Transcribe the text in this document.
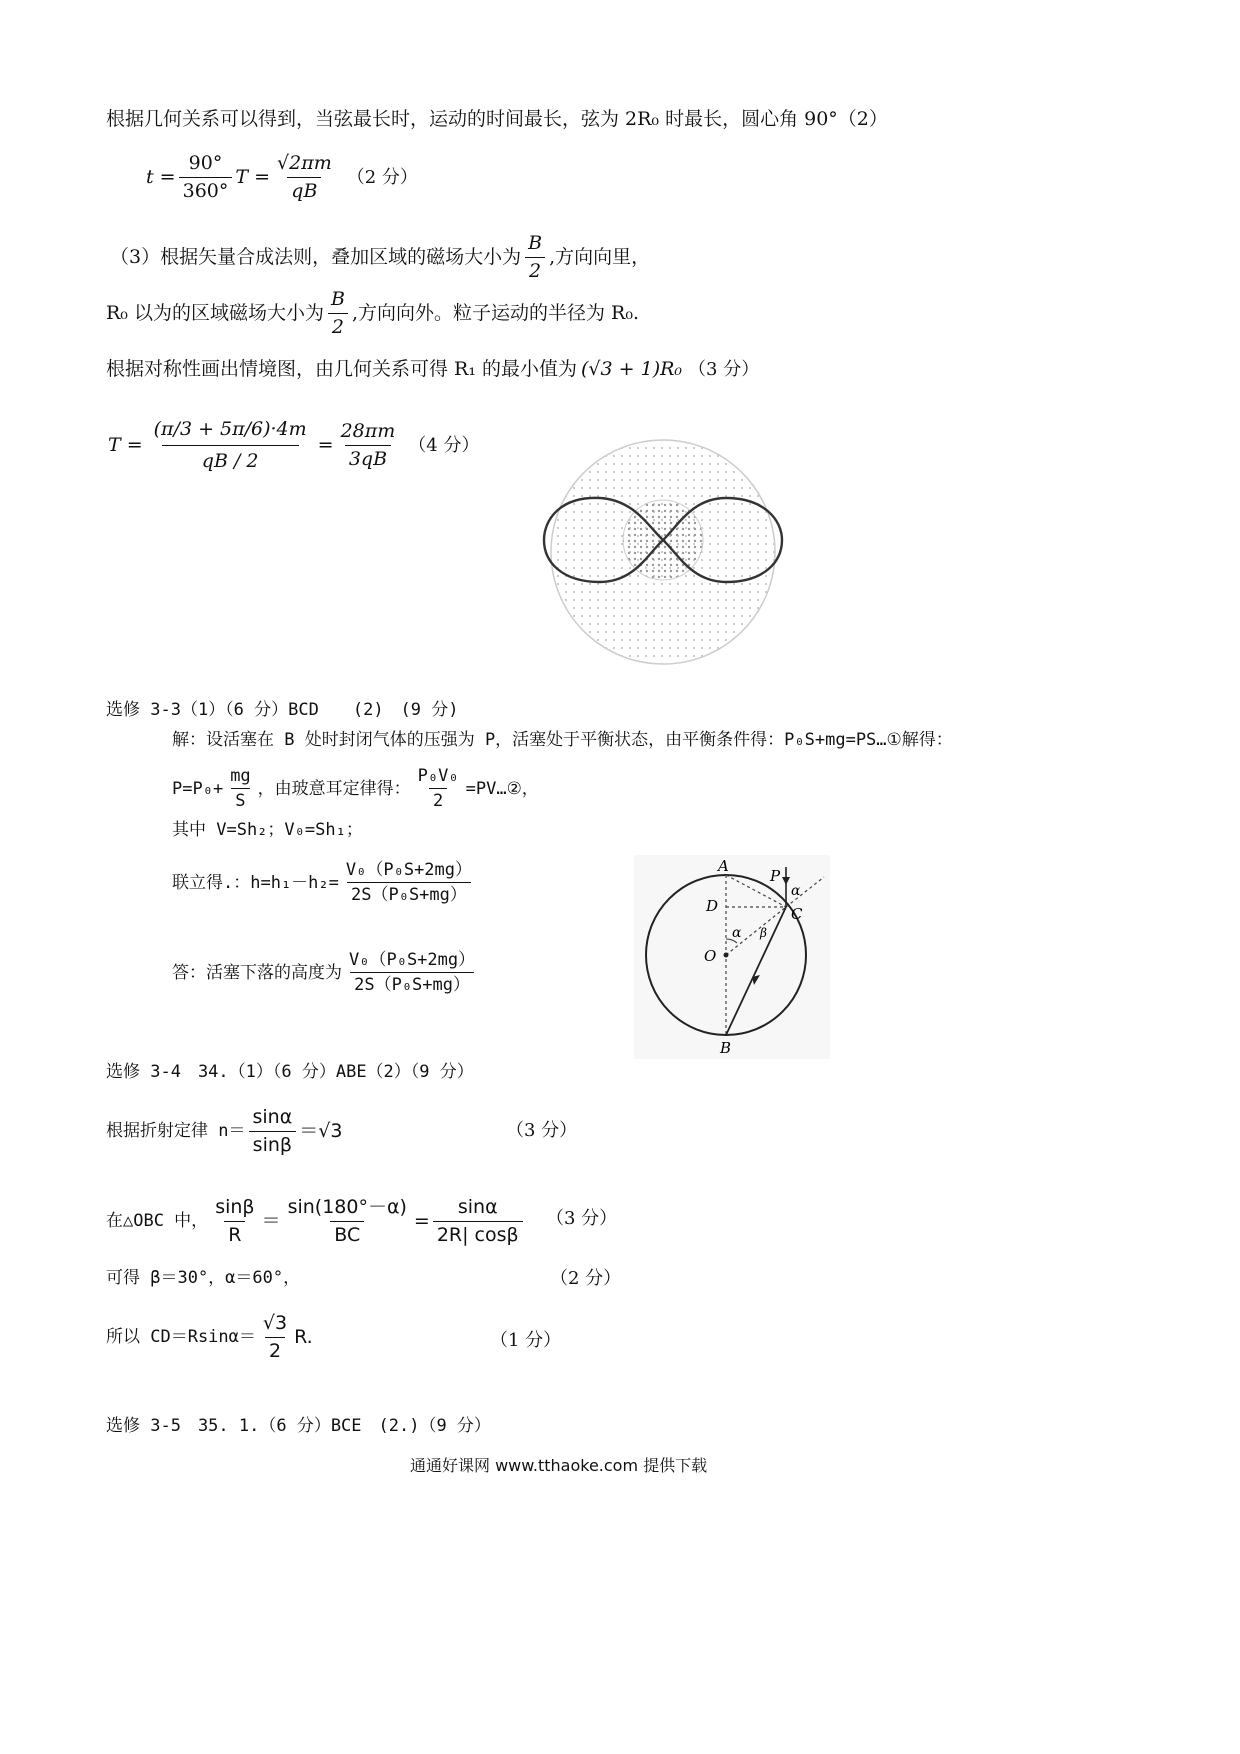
根据几何关系可以得到，当弦最长时，运动的时间最长，弦为 2R₀ 时最长，圆心角 90°（2）
$t = \frac{90^\circ}{360^\circ}$ $T = \frac{√2\pi m}{qB} (2$ 分）
（3）根据矢量合成法则，叠加区域的磁场大小为 $\frac{B}{2}$ ,方向向里，
R₀ 以为的区域磁场大小为 $\frac{B}{2}$ ,方向向外。粒子运动的半径为 R₀.
根据对称性画出情境图，由几何关系可得 R₁ 的最小值为 (√3 + 1)R₀ （3 分）
$T = \frac{(\pi/3 + 5\pi/6)\cdot 4m}{qB / 2} = \frac{28\pi m}{3qB} (4$ 分）
选修 3-3（1）（6 分）BCD　　(2)　(9 分)
解：设活塞在 B 处时封闭气体的压强为 P，活塞处于平衡状态，由平衡条件得：P₀S+mg=PS…①解得：
$P=P_0+ \frac{mg}{S}$ ，由玻意耳定律得： $\frac{\text{P₀V₀}}{2}$ =PV…②，
其中 V=Sh₂；V₀=Sh₁；
联立得.：$h=h_1-h_2= \frac{\text{V₀（P₀S+2mg）}}{\text{2S（P₀S+mg）}}$
答：活塞下落的高度为 $\frac{\text{V₀（P₀S+2mg）}}{\text{2S（P₀S+mg）}}$
A
P
α
D	C
α β
O
B
选修 3-4　34.（1）（6 分）ABE（2）（9 分）
根据折射定律 $n= \frac{\sin\alpha}{\sin\beta} =√3$	（3 分）
在△OBC 中， $\frac{\sin\beta}{R} = \frac{\sin(180^\circ-\alpha)}{BC} = \frac{\sin\alpha}{2R| \cos\beta} (3$ 分）
可得 β＝30°，α＝60°，	（2 分）
所以 $CD=Rsin\alpha= \frac{√3}{2} R$.	（1 分）
选修 3-5　35. 1.（6 分）BCE　(2.)（9 分）
通通好课网 www.tthaoke.com 提供下载
